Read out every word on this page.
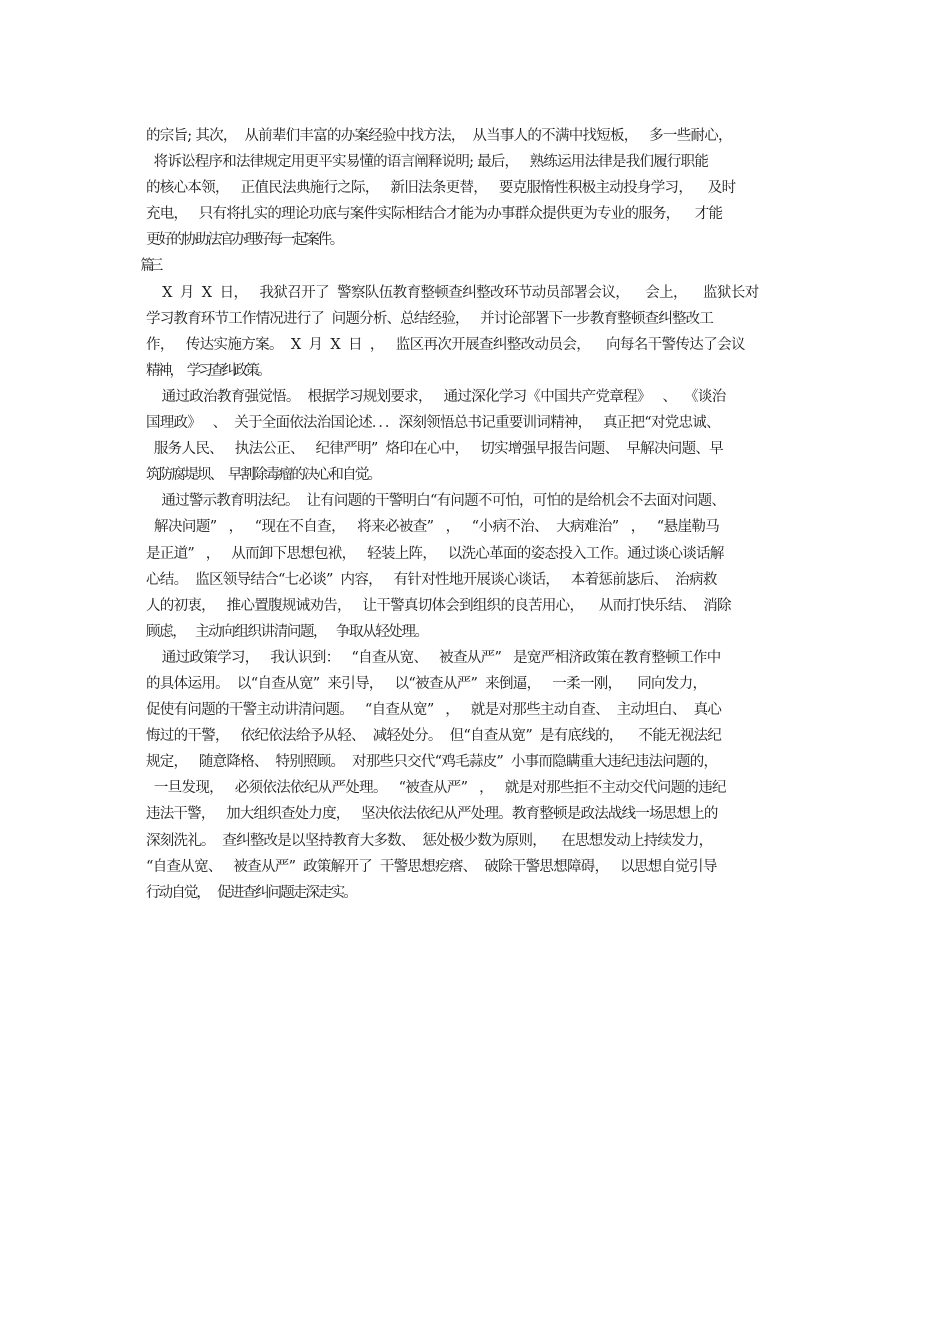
的宗旨; 其次，  从前辈们丰富的办案经验中找方法，  从当事人的不满中找短板，   多一些耐心，
将诉讼程序和法律规定用更平实易懂的语言阐释说明; 最后，   熟练运用法律是我们履行职能
的核心本领，   正值民法典施行之际，   新旧法条更替，   要克服惰性积极主动投身学习，    及时
充电，   只有将扎实的理论功底与案件实际相结合才能为办事群众提供更为专业的服务，    才能
更好的协助法官办理好每一起案件。
篇三
X  月  X  日，   我狱召开了  警察队伍教育整顿查纠整改环节动员部署会议，    会上，    监狱长对
学习教育环节工作情况进行了  问题分析、总结经验，   并讨论部署下一步教育整顿查纠整改工
作，   传达实施方案。  X  月  X  日  ，   监区再次开展查纠整改动员会，    向每名干警传达了会议
精神，   学习查纠政策。
通过政治教育强觉悟。  根据学习规划要求，   通过深化学习《中国共产党章程》   、  《谈治
国理政》   、  关于全面依法治国论述．．．深刻领悟总书记重要训词精神，   真正把“对党忠诚、
服务人民、   执法公正、   纪律严明”  烙印在心中，   切实增强早报告问题、  早解决问题、早
筑防腐堤坝、  早割除毒瘤的决心和自觉。
通过警示教育明法纪。  让有问题的干警明白“有问题不可怕，可怕的是给机会不去面对问题、
解决问题”   ，   “现在不自查，   将来必被查”   ，   “小病不治、  大病难治”   ，   “悬崖勒马
是正道”   ，   从而卸下思想包袱，   轻装上阵，   以洗心革面的姿态投入工作。通过谈心谈话解
心结。  监区领导结合“七必谈”  内容，   有针对性地开展谈心谈话，   本着惩前毖后、  治病救
人的初衷，   推心置腹规诫劝告，   让干警真切体会到组织的良苦用心，    从而打快乐结、  消除
顾虑，   主动向组织讲清问题，   争取从轻处理。
通过政策学习，   我认识到：   “自查从宽、   被查从严”   是宽严相济政策在教育整顿工作中
的具体运用。  以“自查从宽”  来引导，   以“被查从严”  来倒逼，   一柔一刚，    同向发力，
促使有问题的干警主动讲清问题。   “自查从宽”   ，   就是对那些主动自查、  主动坦白、  真心
悔过的干警，   依纪依法给予从轻、  减轻处分。  但“自查从宽”  是有底线的，    不能无视法纪
规定，   随意降格、  特别照顾。  对那些只交代“鸡毛蒜皮”  小事而隐瞒重大违纪违法问题的，
一旦发现，   必须依法依纪从严处理。   “被查从严”   ，   就是对那些拒不主动交代问题的违纪
违法干警，   加大组织查处力度，   坚决依法依纪从严处理。教育整顿是政法战线一场思想上的
深刻洗礼。  查纠整改是以坚持教育大多数、  惩处极少数为原则，    在思想发动上持续发力，
“自查从宽、   被查从严”  政策解开了  干警思想疙瘩、  破除干警思想障碍，   以思想自觉引导
行动自觉，   促进查纠问题走深走实。
